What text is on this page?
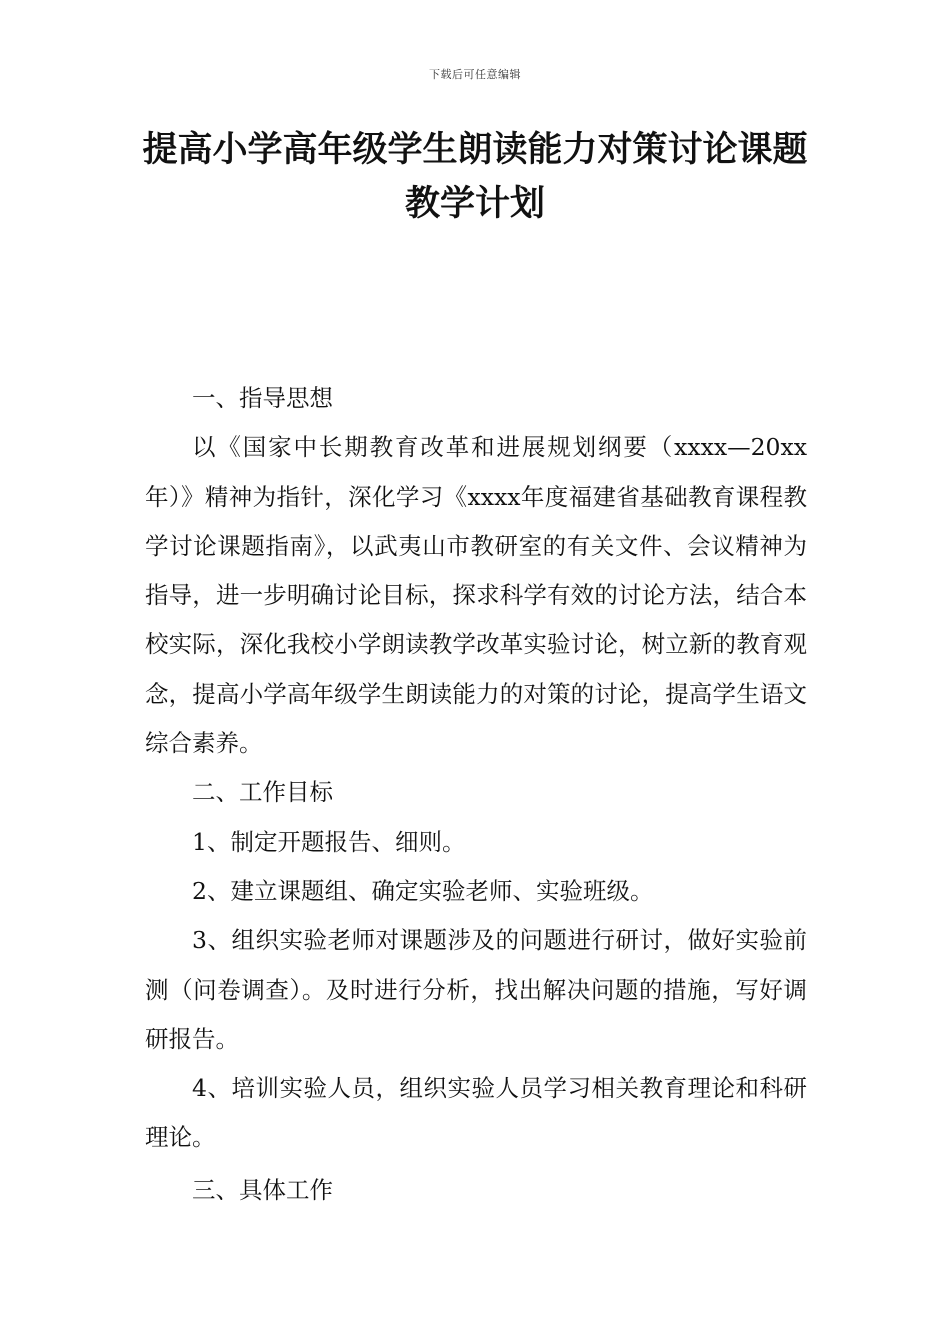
下载后可任意编辑
提高小学高年级学生朗读能力对策讨论课题教学计划

一、指导思想

以《国家中长期教育改革和进展规划纲要（xxxx—20xx年）》精神为指针，深化学习《xxxx年度福建省基础教育课程教学讨论课题指南》，以武夷山市教研室的有关文件、会议精神为指导，进一步明确讨论目标，探求科学有效的讨论方法，结合本校实际，深化我校小学朗读教学改革实验讨论，树立新的教育观念，提高小学高年级学生朗读能力的对策的讨论，提高学生语文综合素养。

二、工作目标

1、制定开题报告、细则。

2、建立课题组、确定实验老师、实验班级。

3、组织实验老师对课题涉及的问题进行研讨，做好实验前测（问卷调查）。及时进行分析，找出解决问题的措施，写好调研报告。

4、培训实验人员，组织实验人员学习相关教育理论和科研理论。

三、具体工作
